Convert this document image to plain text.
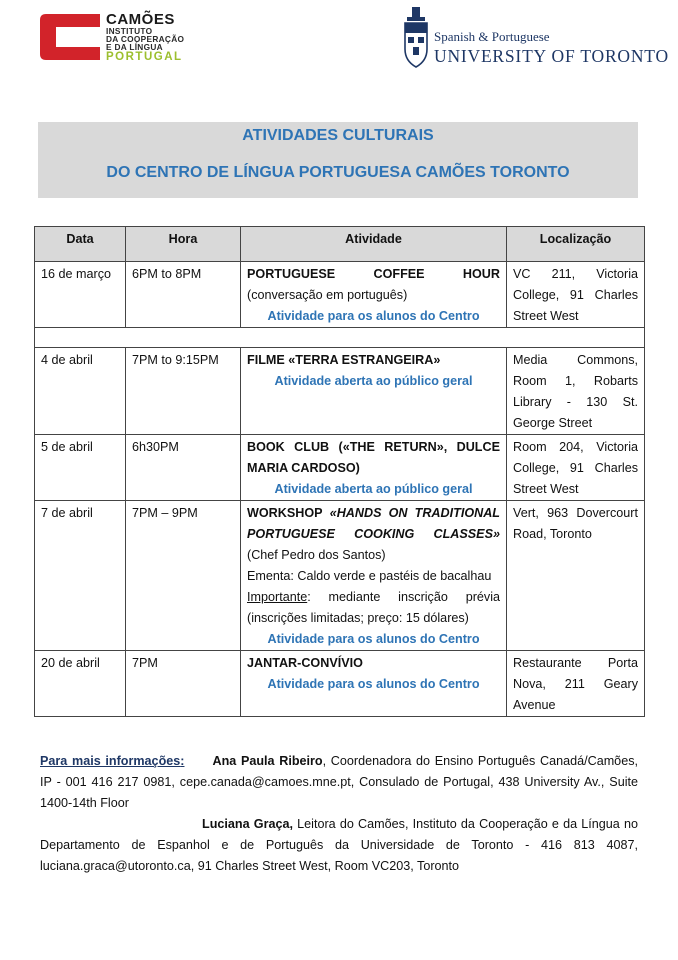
CAMÕES
INSTITUTO
DA COOPERAÇÃO
E DA LÍNGUA
PORTUGAL
Spanish & Portuguese
UNIVERSITY OF TORONTO
ATIVIDADES CULTURAIS
DO CENTRO DE LÍNGUA PORTUGUESA CAMÕES TORONTO
Data	Hora	Atividade	Localização
16 de março	6PM to 8PM	PORTUGUESE COFFEE HOUR
(conversação em português)
Atividade para os alunos do Centro	VC 211, Victoria College, 91 Charles Street West

4 de abril	7PM to 9:15PM	FILME «TERRA ESTRANGEIRA»
Atividade aberta ao público geral	Media Commons, Room 1, Robarts Library - 130 St. George Street
5 de abril	6h30PM	BOOK CLUB («THE RETURN», DULCE MARIA CARDOSO)
Atividade aberta ao público geral	Room 204, Victoria College, 91 Charles Street West
7 de abril	7PM – 9PM	WORKSHOP «HANDS ON TRADITIONAL PORTUGUESE COOKING CLASSES» (Chef Pedro dos Santos)
Ementa: Caldo verde e pastéis de bacalhau
Importante: mediante inscrição prévia (inscrições limitadas; preço: 15 dólares)
Atividade para os alunos do Centro	Vert, 963 Dovercourt Road, Toronto
20 de abril	7PM	JANTAR-CONVÍVIO
Atividade para os alunos do Centro	Restaurante Porta Nova, 211 Geary Avenue

Para mais informações: Ana Paula Ribeiro, Coordenadora do Ensino Português Canadá/Camões, IP - 001 416 217 0981, cepe.canada@camoes.mne.pt, Consulado de Portugal, 438 University Av., Suite 1400-14th Floor

Luciana Graça, Leitora do Camões, Instituto da Cooperação e da Língua no Departamento de Espanhol e de Português da Universidade de Toronto - 416 813 4087, luciana.graca@utoronto.ca, 91 Charles Street West, Room VC203, Toronto
